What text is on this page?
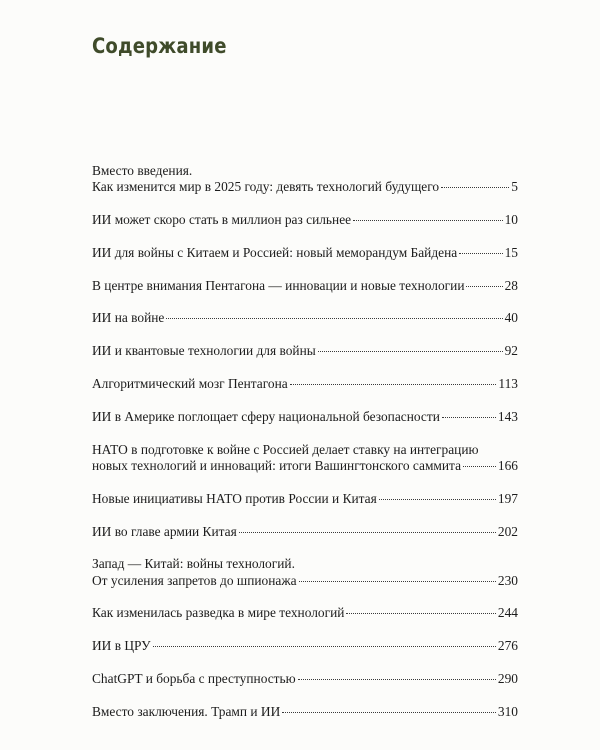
Содержание
Вместо введения.
Как изменится мир в 2025 году: девять технологий будущего	5
ИИ может скоро стать в миллион раз сильнее	10
ИИ для войны с Китаем и Россией: новый меморандум Байдена	15
В центре внимания Пентагона — инновации и новые технологии	28
ИИ на войне	40
ИИ и квантовые технологии для войны	92
Алгоритмический мозг Пентагона	113
ИИ в Америке поглощает сферу национальной безопасности	143
НАТО в подготовке к войне с Россией делает ставку на интеграцию
новых технологий и инноваций: итоги Вашингтонского саммита	166
Новые инициативы НАТО против России и Китая	197
ИИ во главе армии Китая	202
Запад — Китай: войны технологий.
От усиления запретов до шпионажа	230
Как изменилась разведка в мире технологий	244
ИИ в ЦРУ	276
ChatGPT и борьба с преступностью	290
Вместо заключения. Трамп и ИИ	310
